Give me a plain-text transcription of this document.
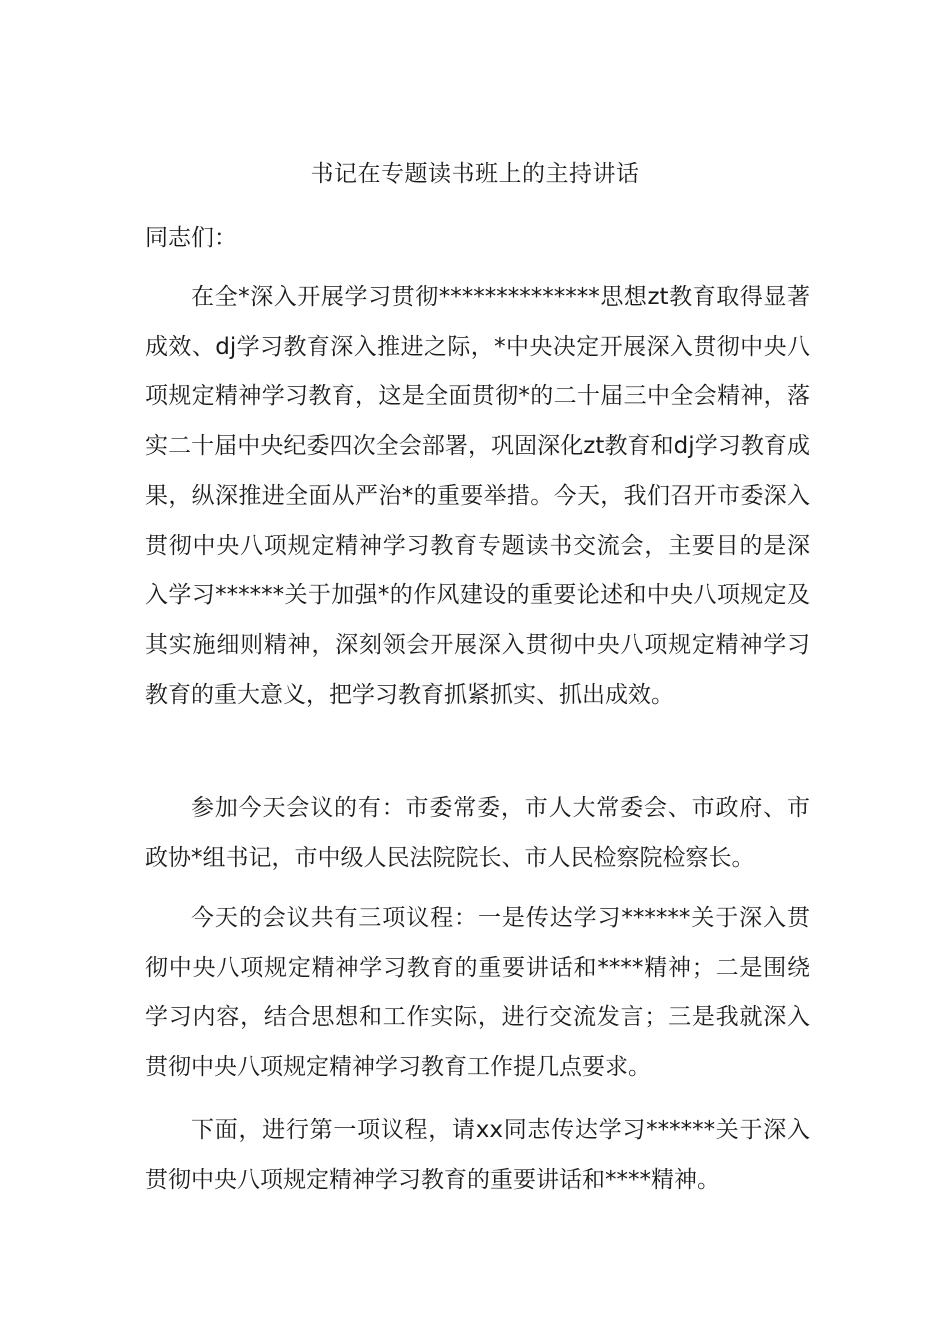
书记在专题读书班上的主持讲话
同志们：

在全*深入开展学习贯彻**************思想zt教育取得显著成效、dj学习教育深入推进之际，*中央决定开展深入贯彻中央八项规定精神学习教育，这是全面贯彻*的二十届三中全会精神，落实二十届中央纪委四次全会部署，巩固深化zt教育和dj学习教育成果，纵深推进全面从严治*的重要举措。今天，我们召开市委深入贯彻中央八项规定精神学习教育专题读书交流会，主要目的是深入学习******关于加强*的作风建设的重要论述和中央八项规定及其实施细则精神，深刻领会开展深入贯彻中央八项规定精神学习教育的重大意义，把学习教育抓紧抓实、抓出成效。

参加今天会议的有：市委常委，市人大常委会、市政府、市政协*组书记，市中级人民法院院长、市人民检察院检察长。

今天的会议共有三项议程：一是传达学习******关于深入贯彻中央八项规定精神学习教育的重要讲话和****精神；二是围绕学习内容，结合思想和工作实际，进行交流发言；三是我就深入贯彻中央八项规定精神学习教育工作提几点要求。

下面，进行第一项议程，请xx同志传达学习******关于深入贯彻中央八项规定精神学习教育的重要讲话和****精神。
